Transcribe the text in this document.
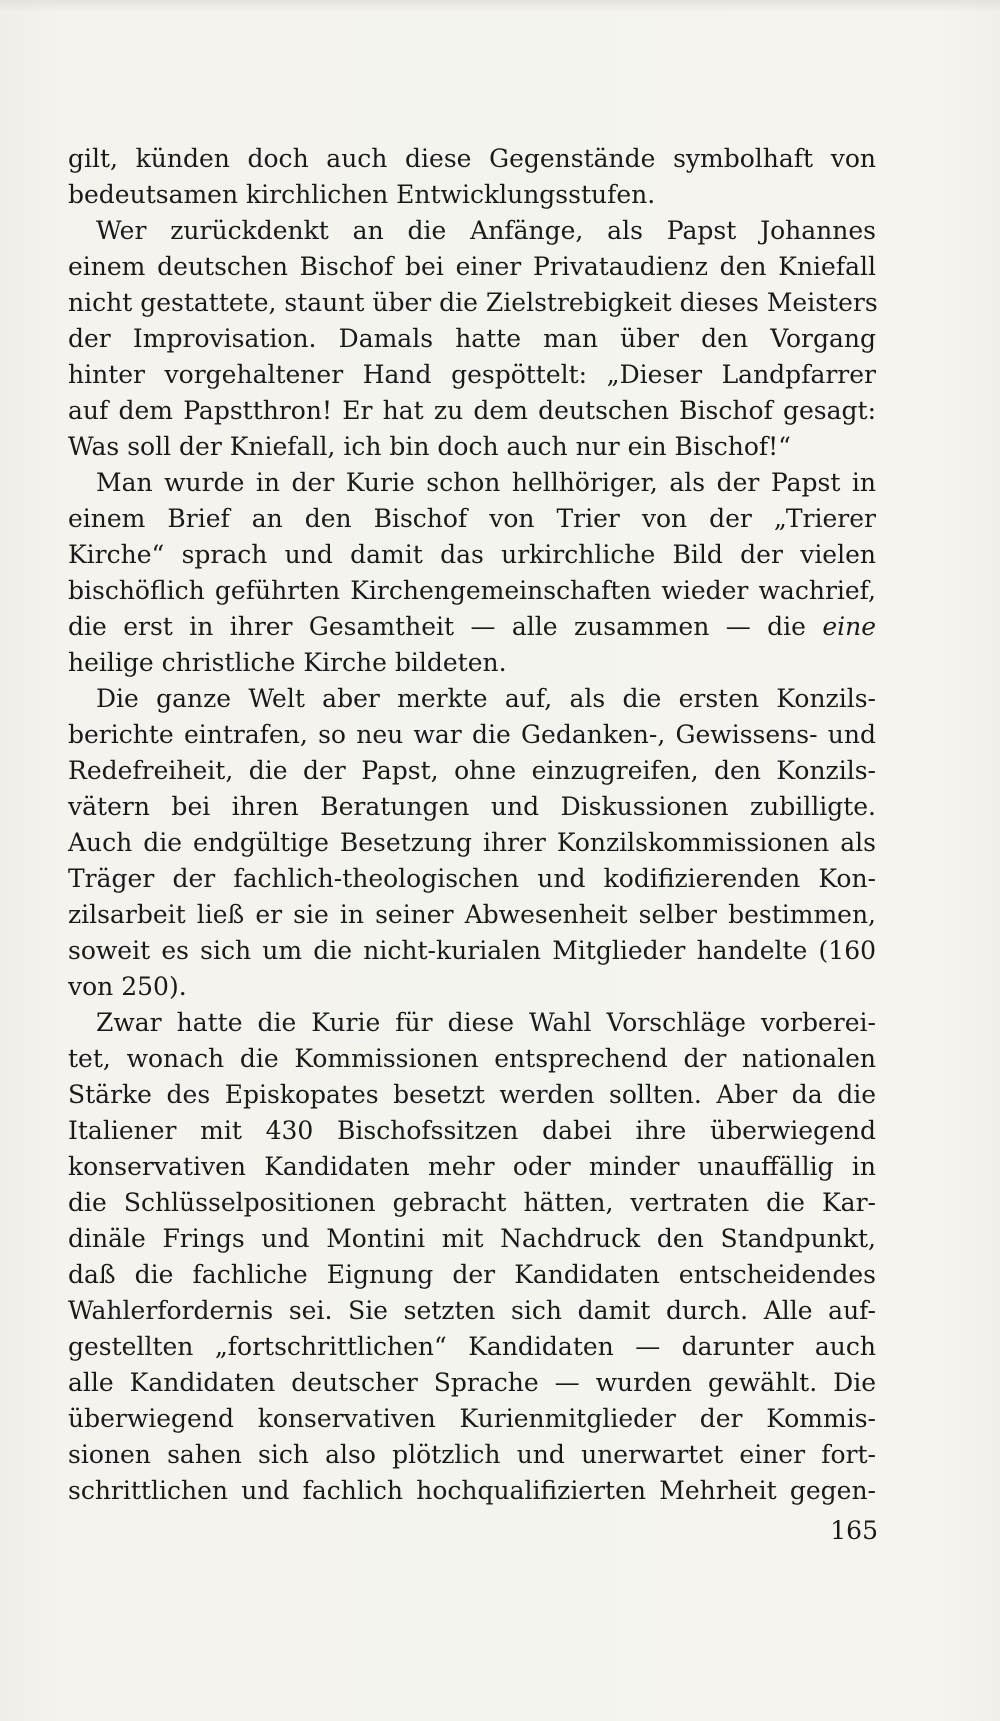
gilt, künden doch auch diese Gegenstände symbolhaft von
bedeutsamen kirchlichen Entwicklungsstufen.
Wer zurückdenkt an die Anfänge, als Papst Johannes
einem deutschen Bischof bei einer Privataudienz den Kniefall
nicht gestattete, staunt über die Zielstrebigkeit dieses Meisters
der Improvisation. Damals hatte man über den Vorgang
hinter vorgehaltener Hand gespöttelt: „Dieser Landpfarrer
auf dem Papstthron! Er hat zu dem deutschen Bischof gesagt:
Was soll der Kniefall, ich bin doch auch nur ein Bischof!“
Man wurde in der Kurie schon hellhöriger, als der Papst in
einem Brief an den Bischof von Trier von der „Trierer
Kirche“ sprach und damit das urkirchliche Bild der vielen
bischöflich geführten Kirchengemeinschaften wieder wachrief,
die erst in ihrer Gesamtheit — alle zusammen — die eine
heilige christliche Kirche bildeten.
Die ganze Welt aber merkte auf, als die ersten Konzils-
berichte eintrafen, so neu war die Gedanken-, Gewissens- und
Redefreiheit, die der Papst, ohne einzugreifen, den Konzils-
vätern bei ihren Beratungen und Diskussionen zubilligte.
Auch die endgültige Besetzung ihrer Konzilskommissionen als
Träger der fachlich-theologischen und kodifizierenden Kon-
zilsarbeit ließ er sie in seiner Abwesenheit selber bestimmen,
soweit es sich um die nicht-kurialen Mitglieder handelte (160
von 250).
Zwar hatte die Kurie für diese Wahl Vorschläge vorberei-
tet, wonach die Kommissionen entsprechend der nationalen
Stärke des Episkopates besetzt werden sollten. Aber da die
Italiener mit 430 Bischofssitzen dabei ihre überwiegend
konservativen Kandidaten mehr oder minder unauffällig in
die Schlüsselpositionen gebracht hätten, vertraten die Kar-
dinäle Frings und Montini mit Nachdruck den Standpunkt,
daß die fachliche Eignung der Kandidaten entscheidendes
Wahlerfordernis sei. Sie setzten sich damit durch. Alle auf-
gestellten „fortschrittlichen“ Kandidaten — darunter auch
alle Kandidaten deutscher Sprache — wurden gewählt. Die
überwiegend konservativen Kurienmitglieder der Kommis-
sionen sahen sich also plötzlich und unerwartet einer fort-
schrittlichen und fachlich hochqualifizierten Mehrheit gegen-
165
